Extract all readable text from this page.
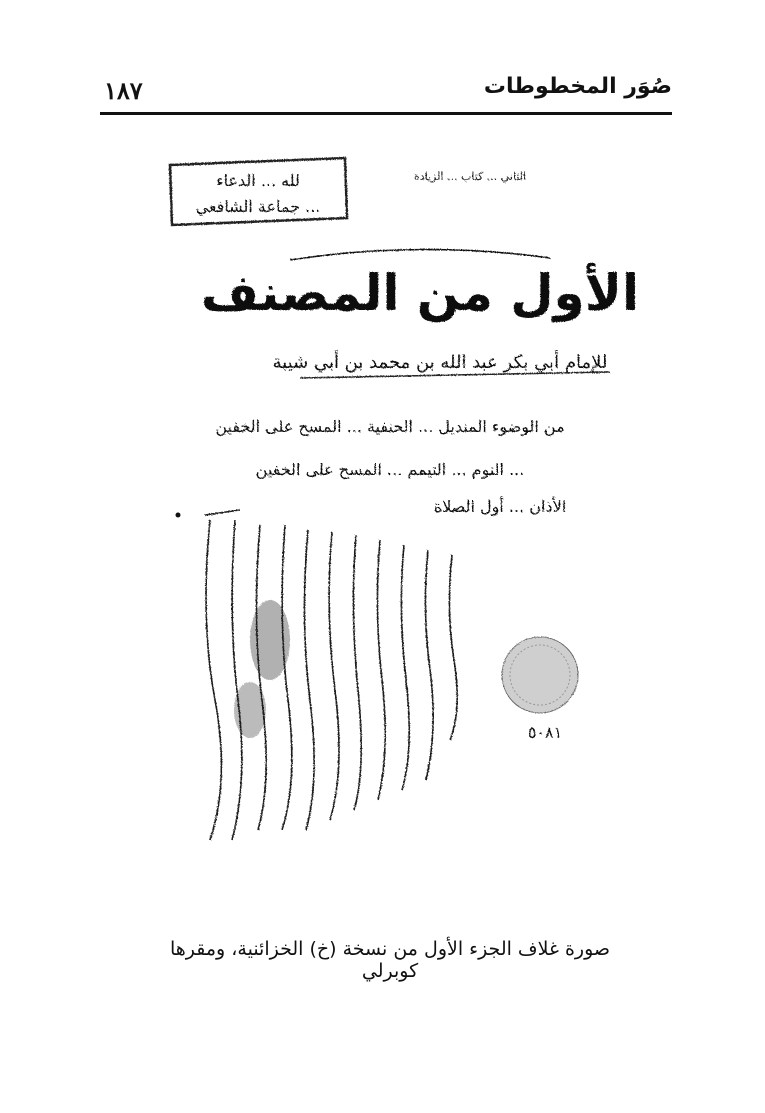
١٨٧	صُوَر المخطوطات
الثاني ... كتاب ... الزيادة
لله ... الدعاء
... جماعة الشافعي
الأول من المصنف
للإمام أبي بكر عبد الله بن محمد بن أبي شيبة
من الوضوء المنديل ... الحنفية ... المسح على الخفين
... النوم ... التيمم ... المسح على الخفين
الأذان ... أول الصلاة
٥٠٨١
صورة غلاف الجزء الأول من نسخة (خ) الخزائنية، ومقرها كوبرلي
